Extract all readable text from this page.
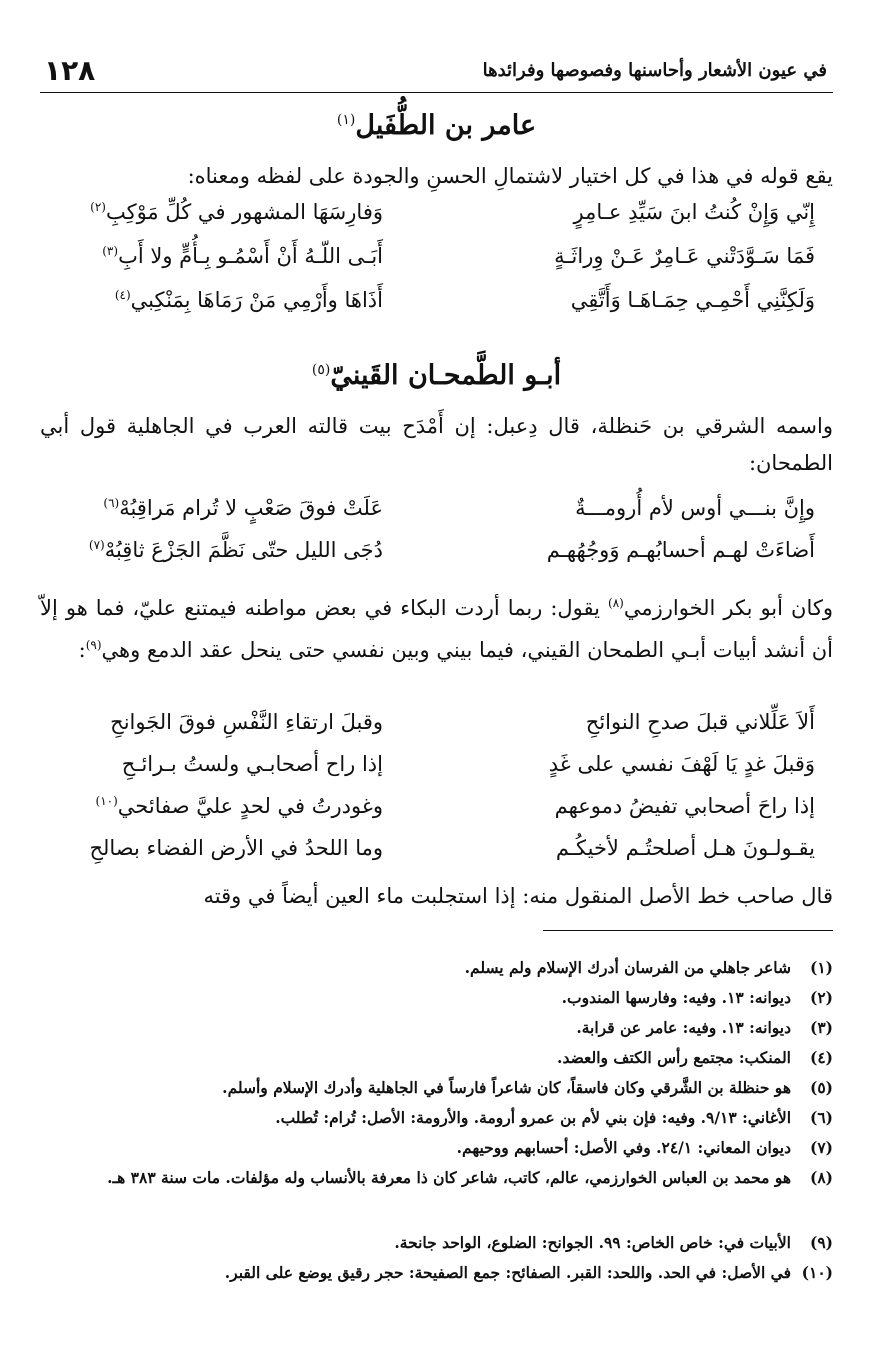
في عيون الأشعار وأحاسنها وفصوصها وفرائدها
١٢٨
عامر بن الطُّفَيل$^{(١)}$
يقع قوله في هذا في كل اختيار لاشتمالِ الحسنِ والجودة على لفظه ومعناه:
إِنّي وَإِنْ كُنتُ ابنَ سَيِّدِ عـامِرٍ
وَفارِسَهَا المشهور في كُلِّ مَوْكِبِ$^{(٢)}$
فَمَا سَـوَّدَتْني عَـامِرٌ عَـنْ وِراثَـةٍ
أَبَـى اللّـهُ أَنْ أَسْمُـو بِـأُمٍّ ولا أَبِ$^{(٣)}$
وَلَكِنَّنِي أَحْمِـي حِمَـاهَـا وَأَتَّقِي
أَذَاهَا وأَرْمِي مَنْ رَمَاهَا بِمَنْكِبي$^{(٤)}$
أبـو الطَّمحـان القَينيّ$^{(٥)}$
واسمه الشرقي بن حَنظلة، قال دِعبل: إن أَمْدَح بيت قالته العرب في الجاهلية قول أبي الطمحان:
وإِنَّ بنـــي أوس لأم أُرومـــةٌ
عَلَتْ فوقَ صَعْبٍ لا تُرام مَراقِبُهْ$^{(٦)}$
أَضاءَتْ لهـم أحسابُهـم وَوجُهُهـم
دُجَى الليل حتّى نَظَّمَ الجَزْعَ ثاقِبُهْ$^{(٧)}$
وكان أبو بكر الخوارزمي$^{(٨)}$ يقول: ربما أردت البكاء في بعض مواطنه فيمتنع عليّ، فما هو إلاّ أن أنشد أبيات أبـي الطمحان القيني، فيما بيني وبين نفسي حتى ينحل عقد الدمع وهي$^{(٩)}$:
أَلاَ عَلِّلاني قبلَ صدحِ النوائحِ
وقبلَ ارتقاءِ النَّفْسِ فوقَ الجَوانحِ
وَقبلَ غدٍ يَا لَهْفَ نفسي على غَدٍ
إذا راح أصحابـي ولستُ بـرائـحِ
إذا راحَ أصحابي تفيضُ دموعهم
وغودرتُ في لحدٍ عليَّ صفائحي$^{(١٠)}$
يقـولـونَ هـل أصلحتُـم لأخيكُـم
وما اللحدُ في الأرض الفضاء بصالحِ
قال صاحب خط الأصل المنقول منه: إذا استجلبت ماء العين أيضاً في وقته
(١)شاعر جاهلي من الفرسان أدرك الإسلام ولم يسلم.
(٢)ديوانه: ١٣. وفيه: وفارسها المندوب.
(٣)ديوانه: ١٣. وفيه: عامر عن قرابة.
(٤)المنكب: مجتمع رأس الكتف والعضد.
(٥)هو حنظلة بن الشَّرقي وكان فاسقاً، كان شاعراً فارساً في الجاهلية وأدرك الإسلام وأسلم.
(٦)الأغاني: ٩/١٣. وفيه: فإن بني لأم بن عمرو أرومة. والأرومة: الأصل: تُرام: تُطلب.
(٧)ديوان المعاني: ٢٤/١. وفي الأصل: أحسابهم ووحيهم.
(٨)هو محمد بن العباس الخوارزمي، عالم، كاتب، شاعر كان ذا معرفة بالأنساب وله مؤلفات. مات سنة ٣٨٣ هـ.
(٩)الأبيات في: خاص الخاص: ٩٩. الجوانح: الضلوع، الواحد جانحة.
(١٠)في الأصل: في الحد. واللحد: القبر. الصفائح: جمع الصفيحة: حجر رقيق يوضع على القبر.
